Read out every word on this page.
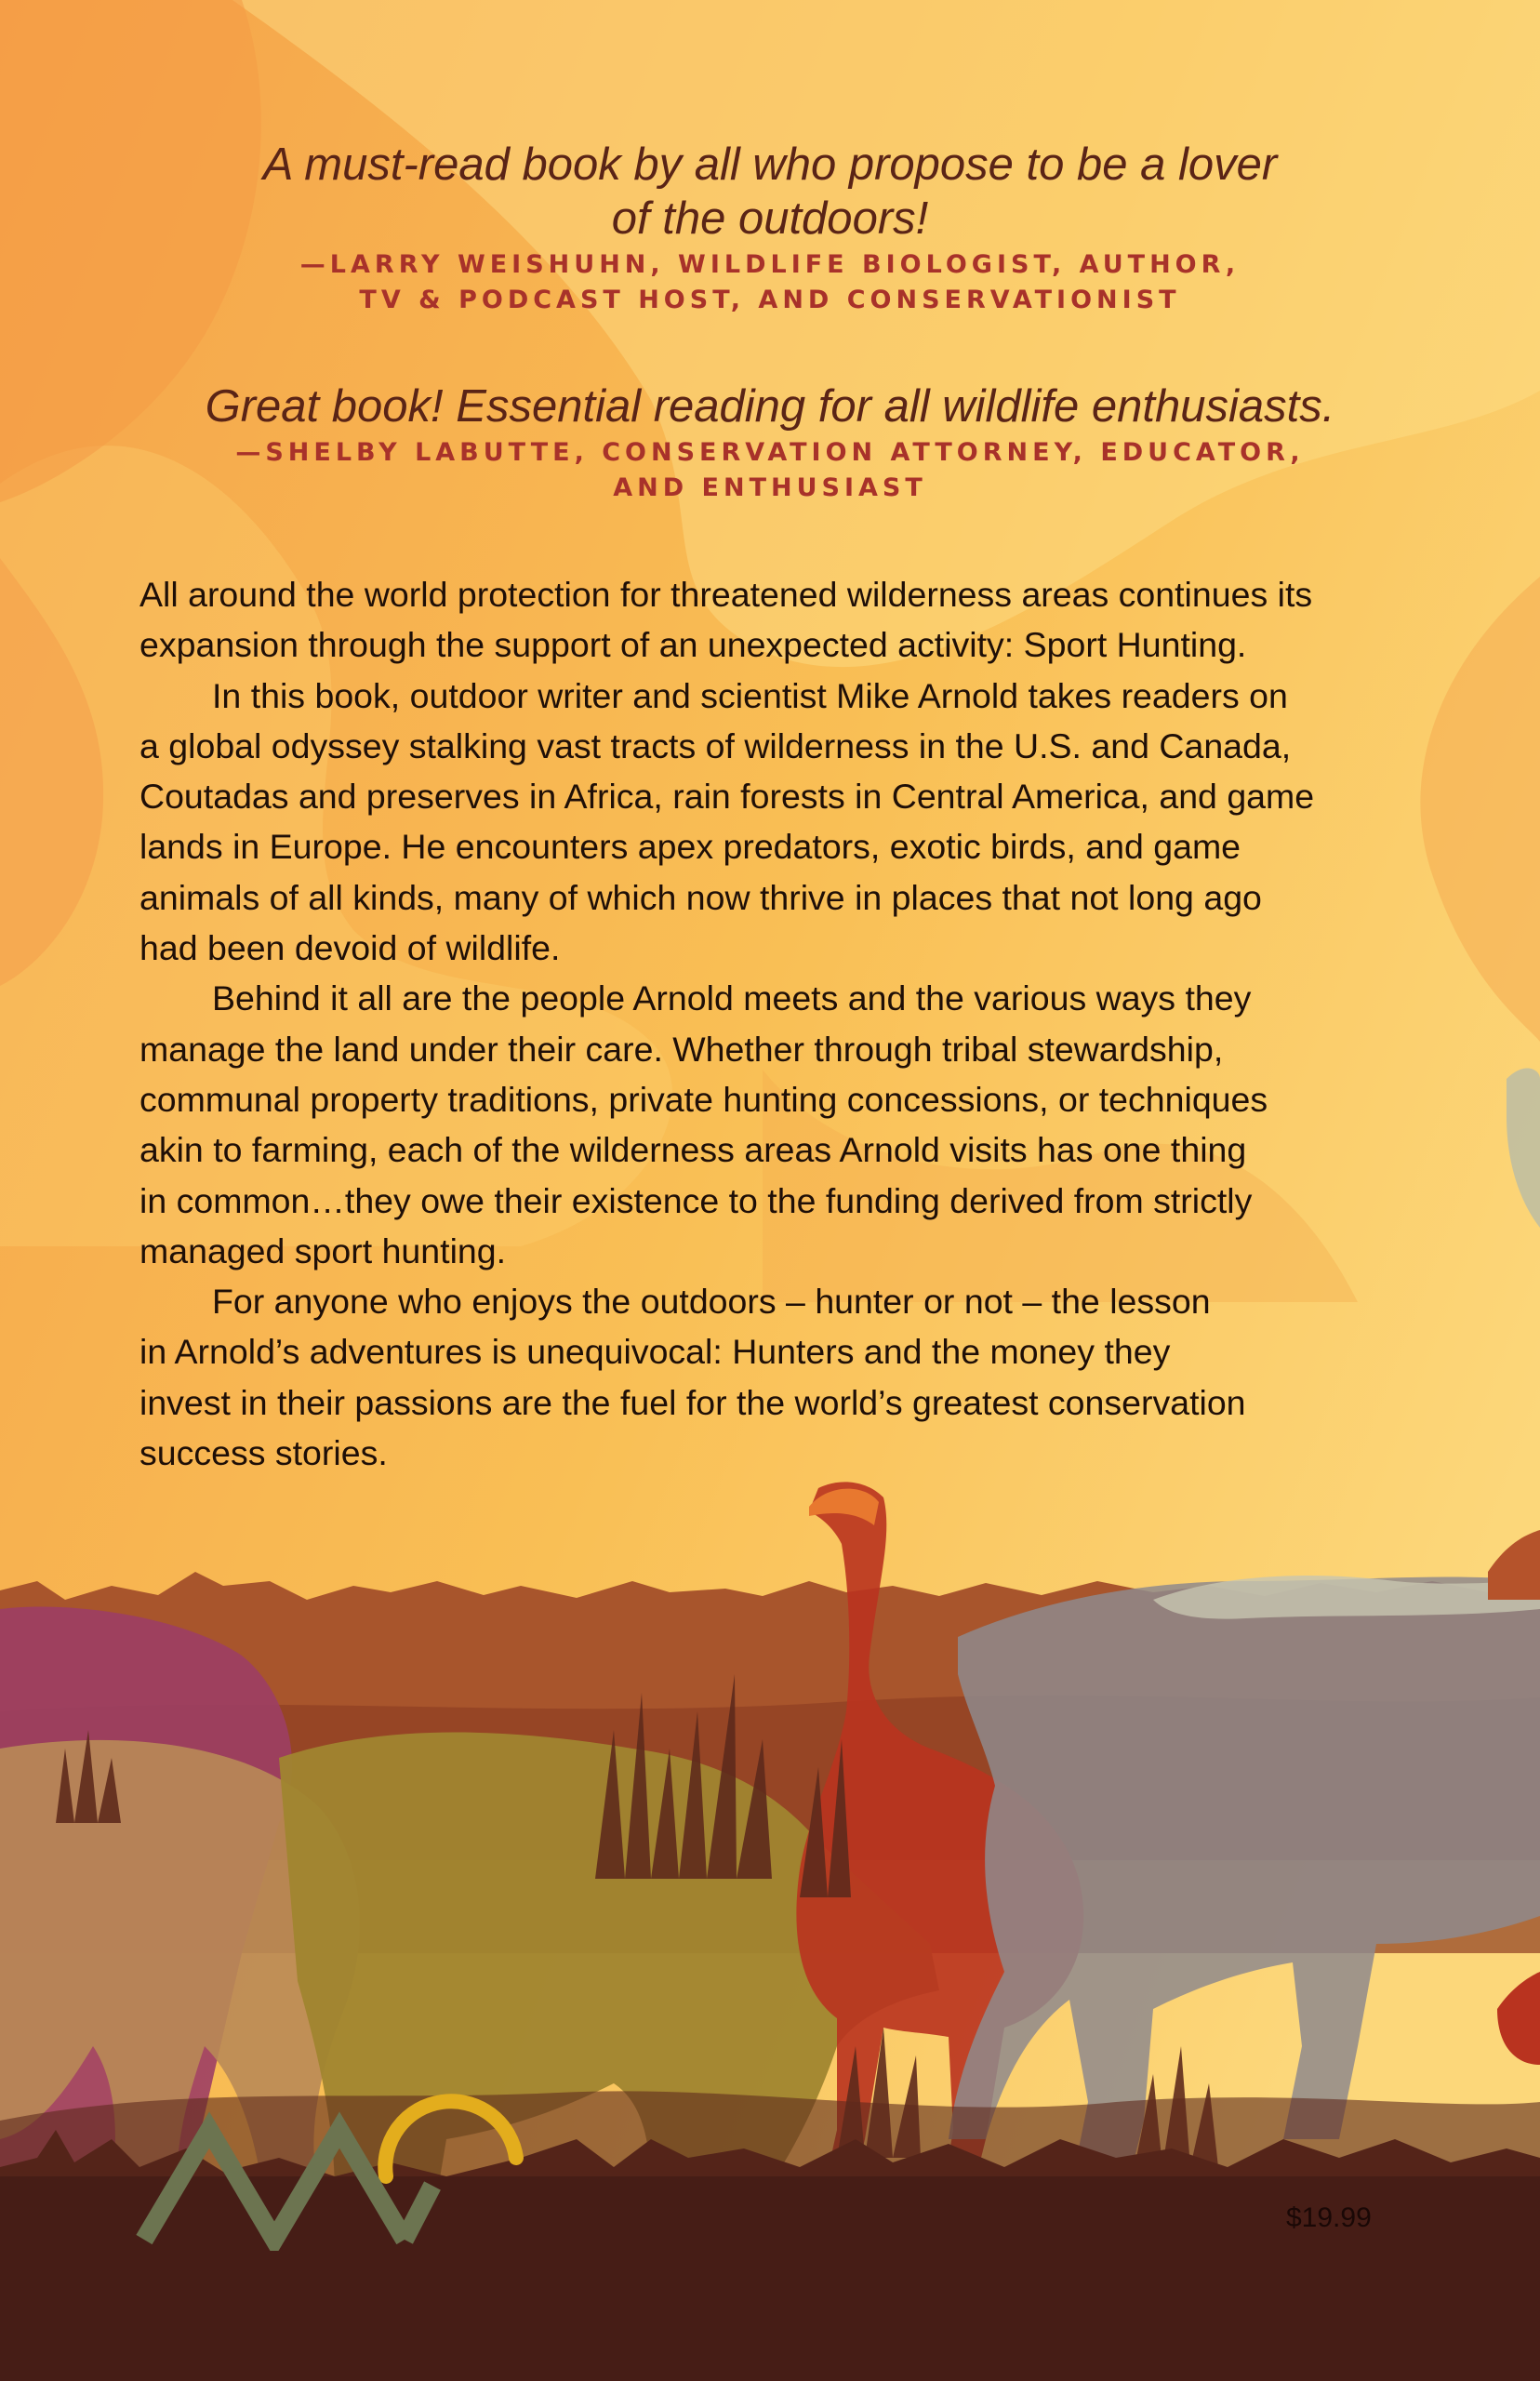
A must-read book by all who propose to be a lover
of the outdoors!

—LARRY WEISHUHN, WILDLIFE BIOLOGIST, AUTHOR,
TV & PODCAST HOST, AND CONSERVATIONIST

Great book! Essential reading for all wildlife enthusiasts.

—SHELBY LABUTTE, CONSERVATION ATTORNEY, EDUCATOR,
AND ENTHUSIAST

All around the world protection for threatened wilderness areas continues its
expansion through the support of an unexpected activity: Sport Hunting.

In this book, outdoor writer and scientist Mike Arnold takes readers on
a global odyssey stalking vast tracts of wilderness in the U.S. and Canada,
Coutadas and preserves in Africa, rain forests in Central America, and game
lands in Europe. He encounters apex predators, exotic birds, and game
animals of all kinds, many of which now thrive in places that not long ago
had been devoid of wildlife.

Behind it all are the people Arnold meets and the various ways they
manage the land under their care. Whether through tribal stewardship,
communal property traditions, private hunting concessions, or techniques
akin to farming, each of the wilderness areas Arnold visits has one thing
in common…they owe their existence to the funding derived from strictly
managed sport hunting.

For anyone who enjoys the outdoors – hunter or not – the lesson
in Arnold’s adventures is unequivocal: Hunters and the money they
invest in their passions are the fuel for the world’s greatest conservation
success stories.

$19.99
